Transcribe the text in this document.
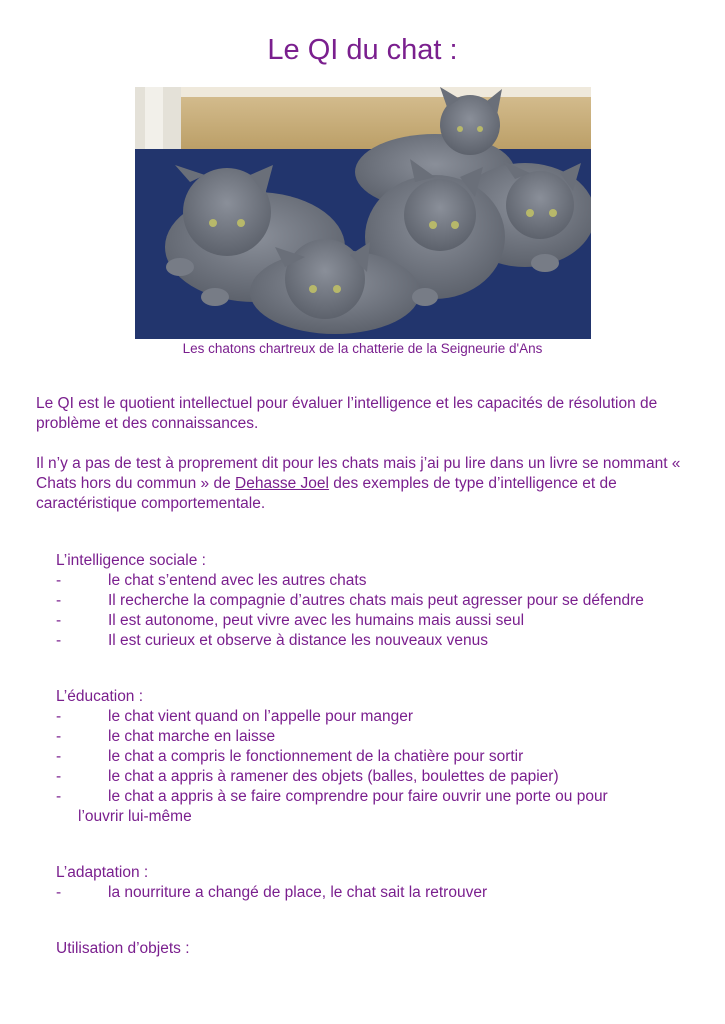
Le QI du chat :
Les chatons chartreux de la chatterie de la Seigneurie d'Ans
Le QI est le quotient intellectuel pour évaluer l’intelligence et les capacités de résolution de problème et des connaissances.
Il n’y a pas de test à proprement dit pour les chats mais j’ai pu lire dans un livre se nommant « Chats hors du commun » de Dehasse Joel des exemples de type d’intelligence et de caractéristique comportementale.
L’intelligence sociale :
-	le chat s’entend avec les autres chats
-	Il recherche la compagnie d’autres chats mais peut agresser pour se défendre
-	Il est autonome, peut vivre avec les humains mais aussi seul
-	Il est curieux et observe à distance les nouveaux venus
L’éducation :
-	le chat vient quand on l’appelle pour manger
-	le chat marche en laisse
-	le chat a compris le fonctionnement de la chatière pour sortir
-	le chat a appris à ramener des objets (balles, boulettes de papier)
-	le chat a appris à se faire comprendre pour faire ouvrir une porte ou pour
l’ouvrir lui-même
L’adaptation :
-	la nourriture a changé de place, le chat sait la retrouver
Utilisation d’objets :
